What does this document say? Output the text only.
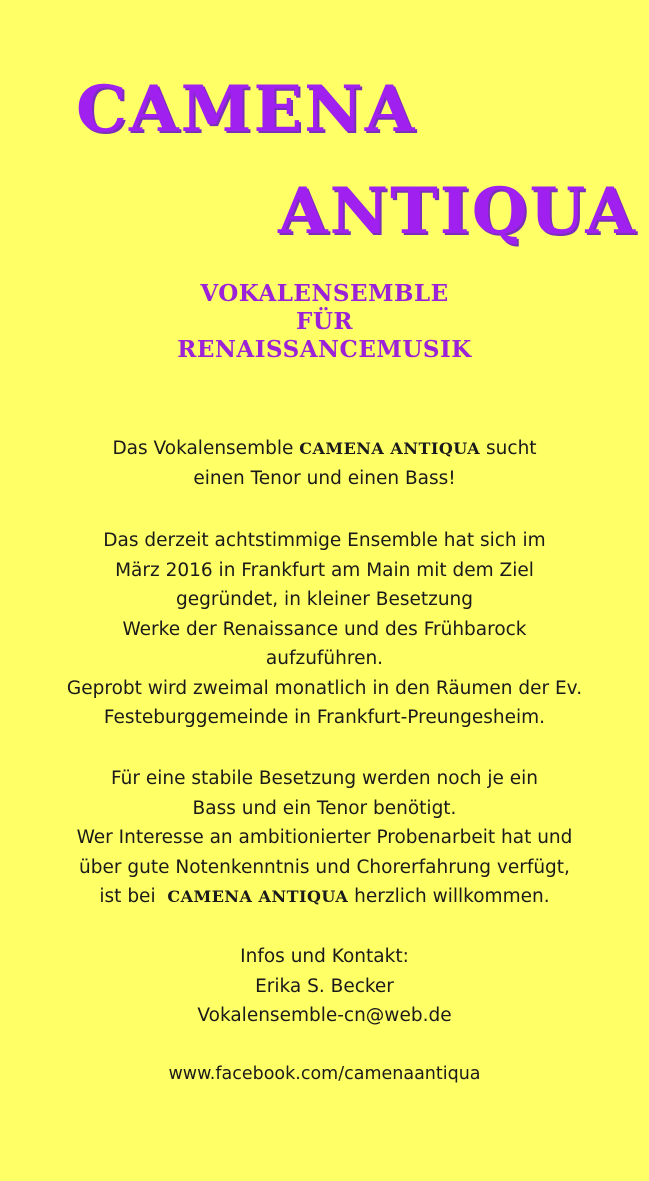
CAMENA
ANTIQUA
VOKALENSEMBLE
FÜR
RENAISSANCEMUSIK
Das Vokalensemble CAMENA ANTIQUA sucht
einen Tenor und einen Bass!
Das derzeit achtstimmige Ensemble hat sich im
März 2016 in Frankfurt am Main mit dem Ziel
gegründet, in kleiner Besetzung
Werke der Renaissance und des Frühbarock
aufzuführen.
Geprobt wird zweimal monatlich in den Räumen der Ev.
Festeburggemeinde in Frankfurt-Preungesheim.
Für eine stabile Besetzung werden noch je ein
Bass und ein Tenor benötigt.
Wer Interesse an ambitionierter Probenarbeit hat und
über gute Notenkenntnis und Chorerfahrung verfügt,
ist bei  CAMENA ANTIQUA herzlich willkommen.
Infos und Kontakt:
Erika S. Becker
Vokalensemble-cn@web.de
www.facebook.com/camenaantiqua
